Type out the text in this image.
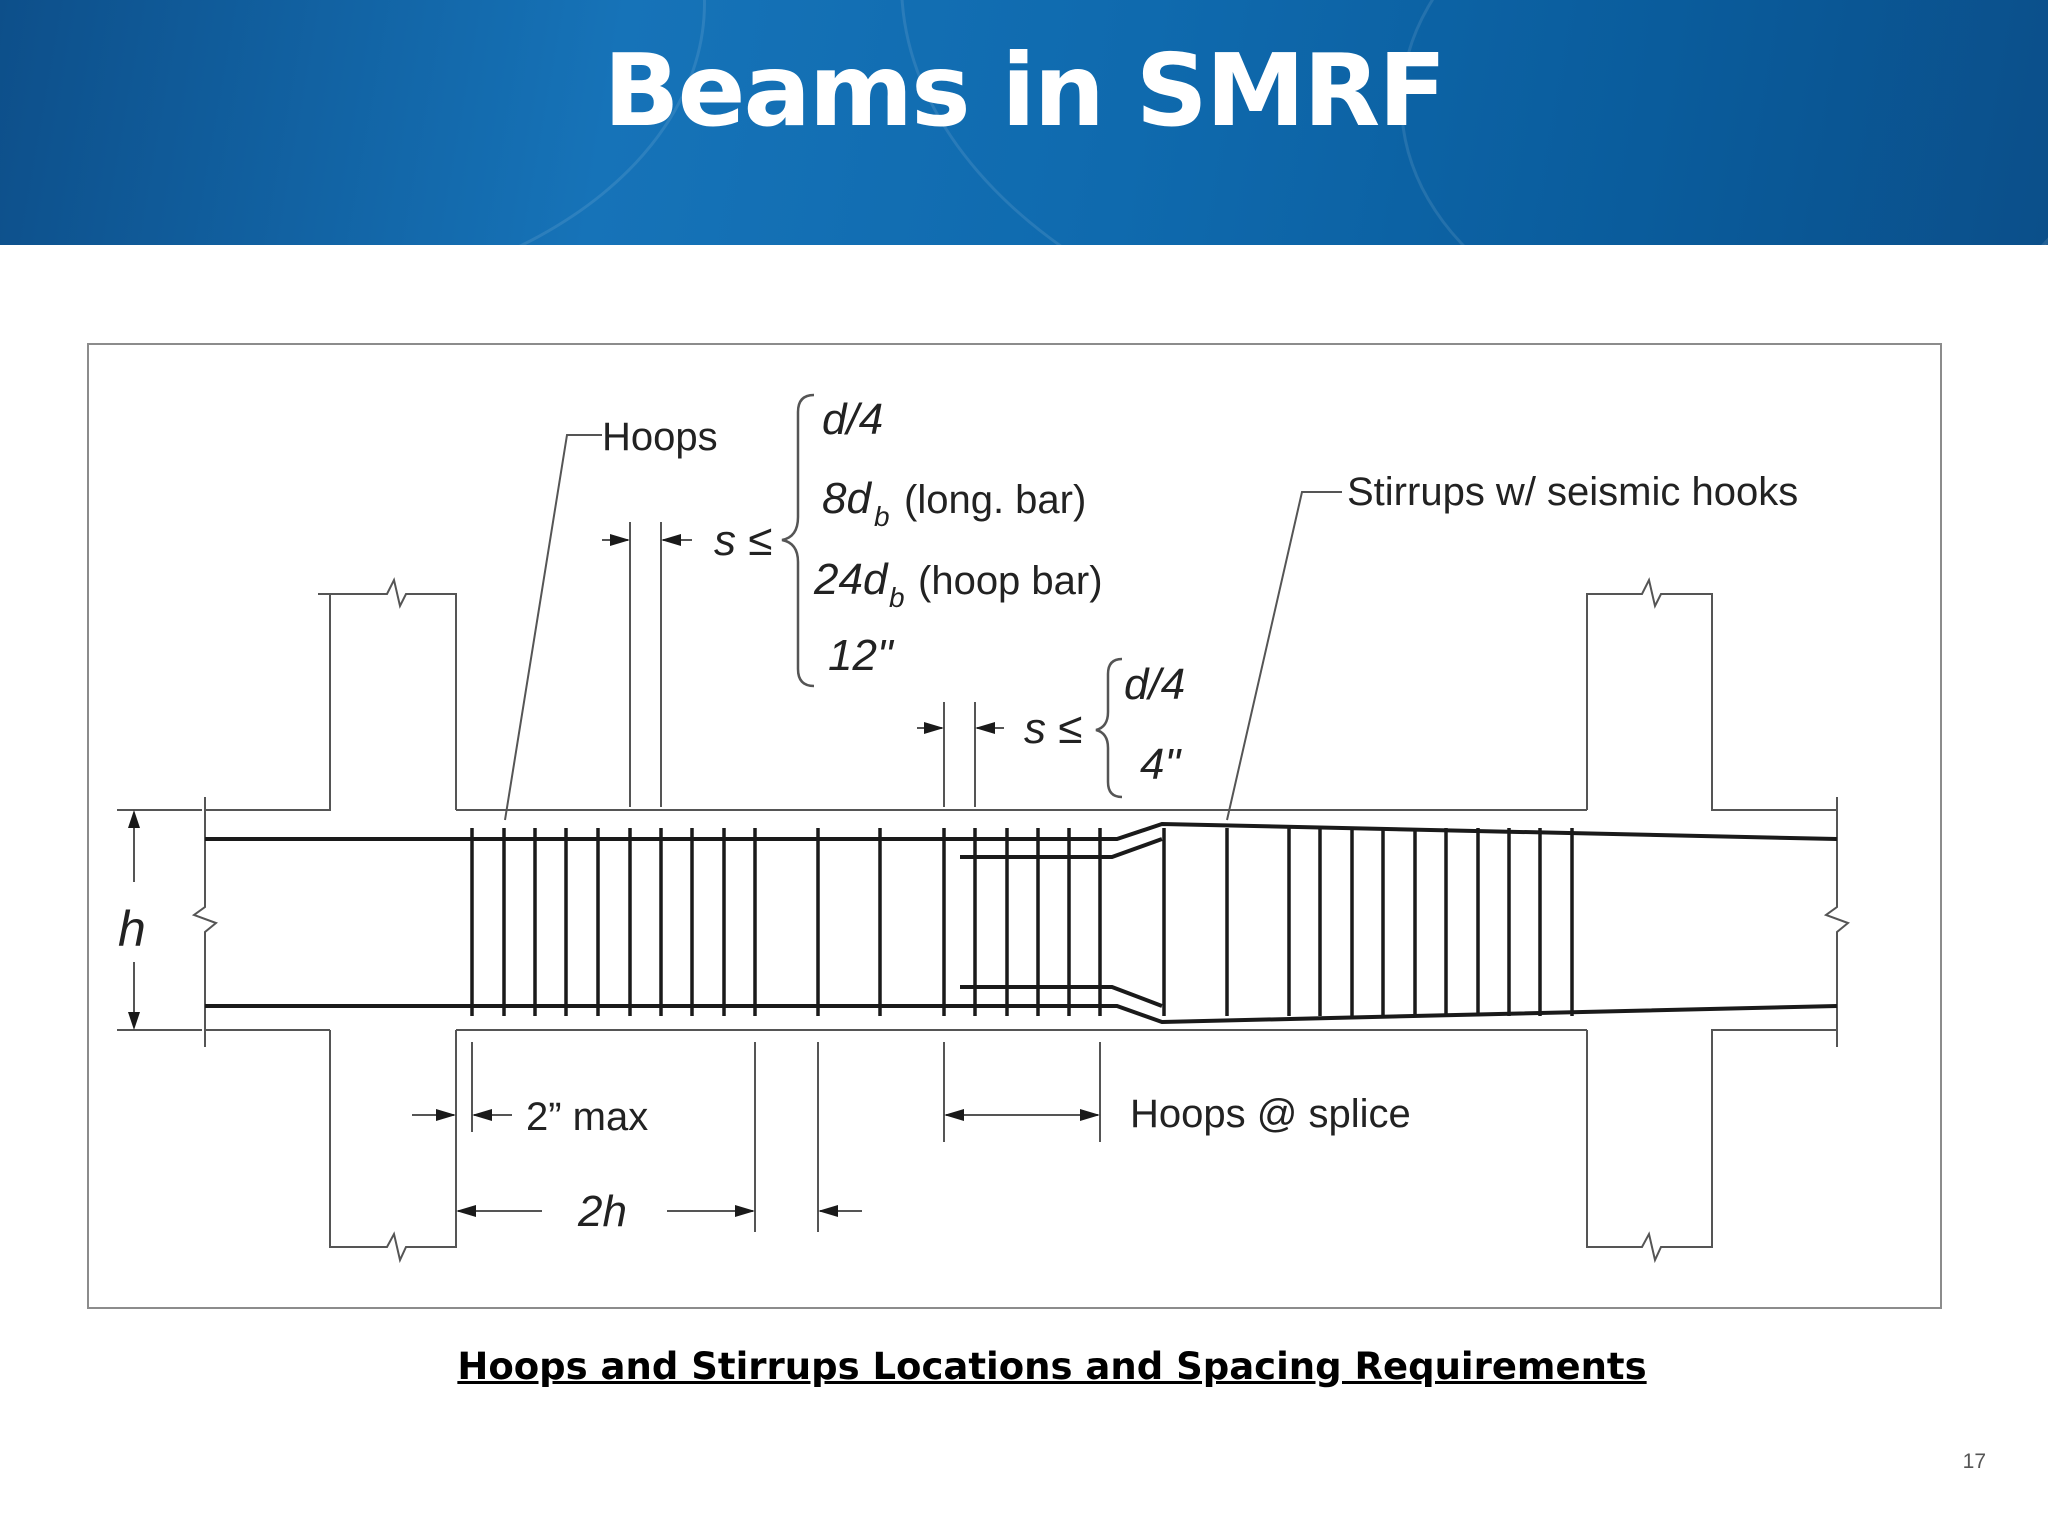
Beams in SMRF
Hoops
Stirrups w/ seismic hooks
s ≤
d/4
8d b (long. bar)
24d b (hoop bar)
12"
s ≤
d/4
4"
h
2” max
2h
Hoops @ splice
Hoops and Stirrups Locations and Spacing Requirements
17
